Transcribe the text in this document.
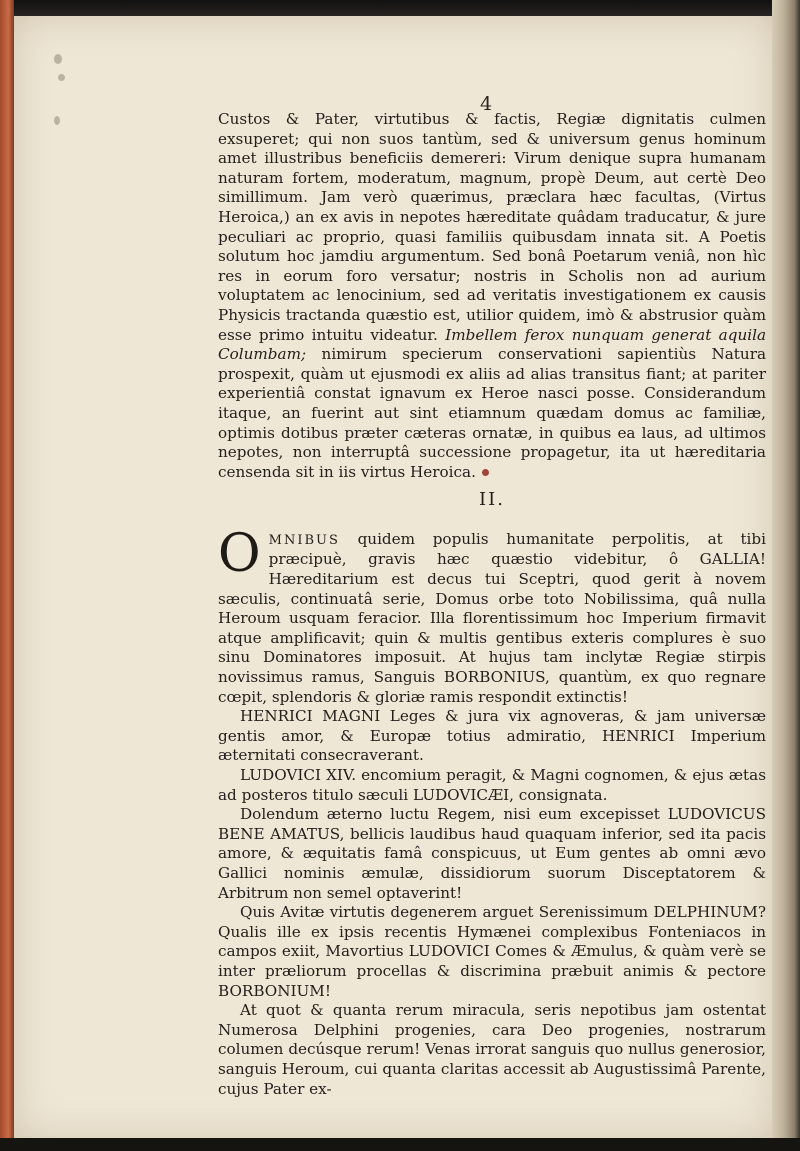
4

Custos & Pater, virtutibus & factis, Regiæ dignitatis culmen exsuperet; qui non suos tantùm, sed & universum genus hominum amet illustribus beneficiis demereri: Virum denique supra humanam naturam fortem, moderatum, magnum, propè Deum, aut certè Deo simillimum. Jam verò quærimus, præclara hæc facultas, (Virtus Heroica,) an ex avis in nepotes hæreditate quâdam traducatur, & jure peculiari ac proprio, quasi familiis quibusdam innata sit. A Poetis solutum hoc jamdiu argumentum. Sed bonâ Poetarum veniâ, non hìc res in eorum foro versatur; nostris in Scholis non ad aurium voluptatem ac lenocinium, sed ad veritatis investigationem ex causis Physicis tractanda quæstio est, utilior quidem, imò & abstrusior quàm esse primo intuitu videatur. Imbellem ferox nunquam generat aquila Columbam; nimirum specierum conservationi sapientiùs Natura prospexit, quàm ut ejusmodi ex aliis ad alias transitus fiant; at pariter experientiâ constat ignavum ex Heroe nasci posse. Considerandum itaque, an fuerint aut sint etiamnum quædam domus ac familiæ, optimis dotibus præter cæteras ornatæ, in quibus ea laus, ad ultimos nepotes, non interruptâ successione propagetur, ita ut hæreditaria censenda sit in iis virtus Heroica.

II.

O MNIBUS quidem populis humanitate perpolitis, at tibi præcipuè, gravis hæc quæstio videbitur, ô GALLIA! Hæreditarium est decus tui Sceptri, quod gerit à novem sæculis, continuatâ serie, Domus orbe toto Nobilissima, quâ nulla Heroum usquam feracior. Illa florentissimum hoc Imperium firmavit atque amplificavit; quin & multis gentibus exteris complures è suo sinu Dominatores imposuit. At hujus tam inclytæ Regiæ stirpis novissimus ramus, Sanguis BORBONIUS, quantùm, ex quo regnare cœpit, splendoris & gloriæ ramis respondit extinctis!

HENRICI MAGNI Leges & jura vix agnoveras, & jam universæ gentis amor, & Europæ totius admiratio, HENRICI Imperium æternitati consecraverant.

LUDOVICI XIV. encomium peragit, & Magni cognomen, & ejus ætas ad posteros titulo sæculi LUDOVICÆI, consignata.

Dolendum æterno luctu Regem, nisi eum excepisset LUDOVICUS BENE AMATUS, bellicis laudibus haud quaquam inferior, sed ita pacis amore, & æquitatis famâ conspicuus, ut Eum gentes ab omni ævo Gallici nominis æmulæ, dissidiorum suorum Disceptatorem & Arbitrum non semel optaverint!

Quis Avitæ virtutis degenerem arguet Serenissimum DELPHINUM? Qualis ille ex ipsis recentis Hymænei complexibus Fonteniacos in campos exiit, Mavortius LUDOVICI Comes & Æmulus, & quàm verè se inter præliorum procellas & discrimina præbuit animis & pectore BORBONIUM!

At quot & quanta rerum miracula, seris nepotibus jam ostentat Numerosa Delphini progenies, cara Deo progenies, nostrarum columen decúsque rerum! Venas irrorat sanguis quo nullus generosior, sanguis Heroum, cui quanta claritas accessit ab Augustissimâ Parente, cujus Pater ex-
